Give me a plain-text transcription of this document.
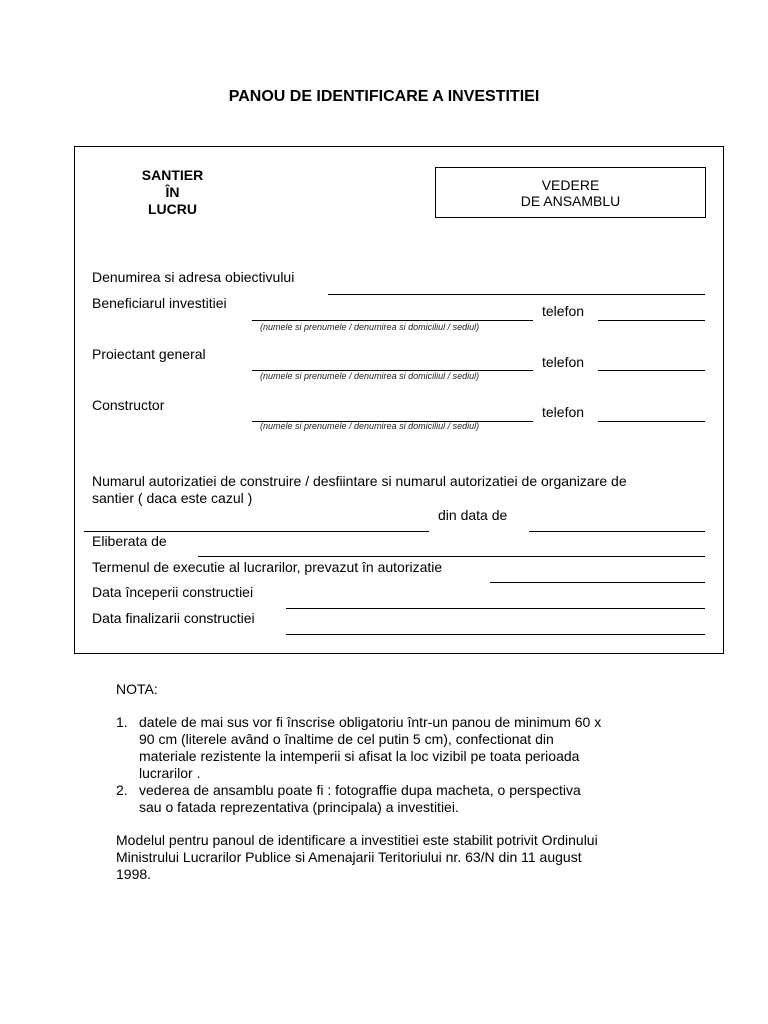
PANOU DE IDENTIFICARE A INVESTITIEI
SANTIER
ÎN
LUCRU
VEDERE
DE ANSAMBLU
Denumirea si adresa obiectivului
Beneficiarul investitiei
(numele si prenumele / denumirea si domiciliul / sediul)
telefon
Proiectant general
(numele si prenumele / denumirea si domiciliul / sediul)
telefon
Constructor
(numele si prenumele / denumirea si domiciliul / sediul)
telefon
Numarul autorizatiei de construire / desfiintare si numarul autorizatiei de organizare de
santier ( daca este cazul )
din data de
Eliberata de
Termenul de executie al lucrarilor, prevazut în autorizatie
Data începerii constructiei
Data finalizarii constructiei
NOTA:
1. datele de mai sus vor fi înscrise obligatoriu într-un panou de minimum 60 x
90 cm (literele având o înaltime de cel putin 5 cm), confectionat din
materiale rezistente la intemperii si afisat la loc vizibil pe toata perioada
lucrarilor .
2. vederea de ansamblu poate fi : fotograffie dupa macheta, o perspectiva
sau o fatada reprezentativa (principala) a investitiei.
Modelul pentru panoul de identificare a investitiei este stabilit potrivit Ordinului
Ministrului Lucrarilor Publice si Amenajarii Teritoriului nr. 63/N din 11 august
1998.
